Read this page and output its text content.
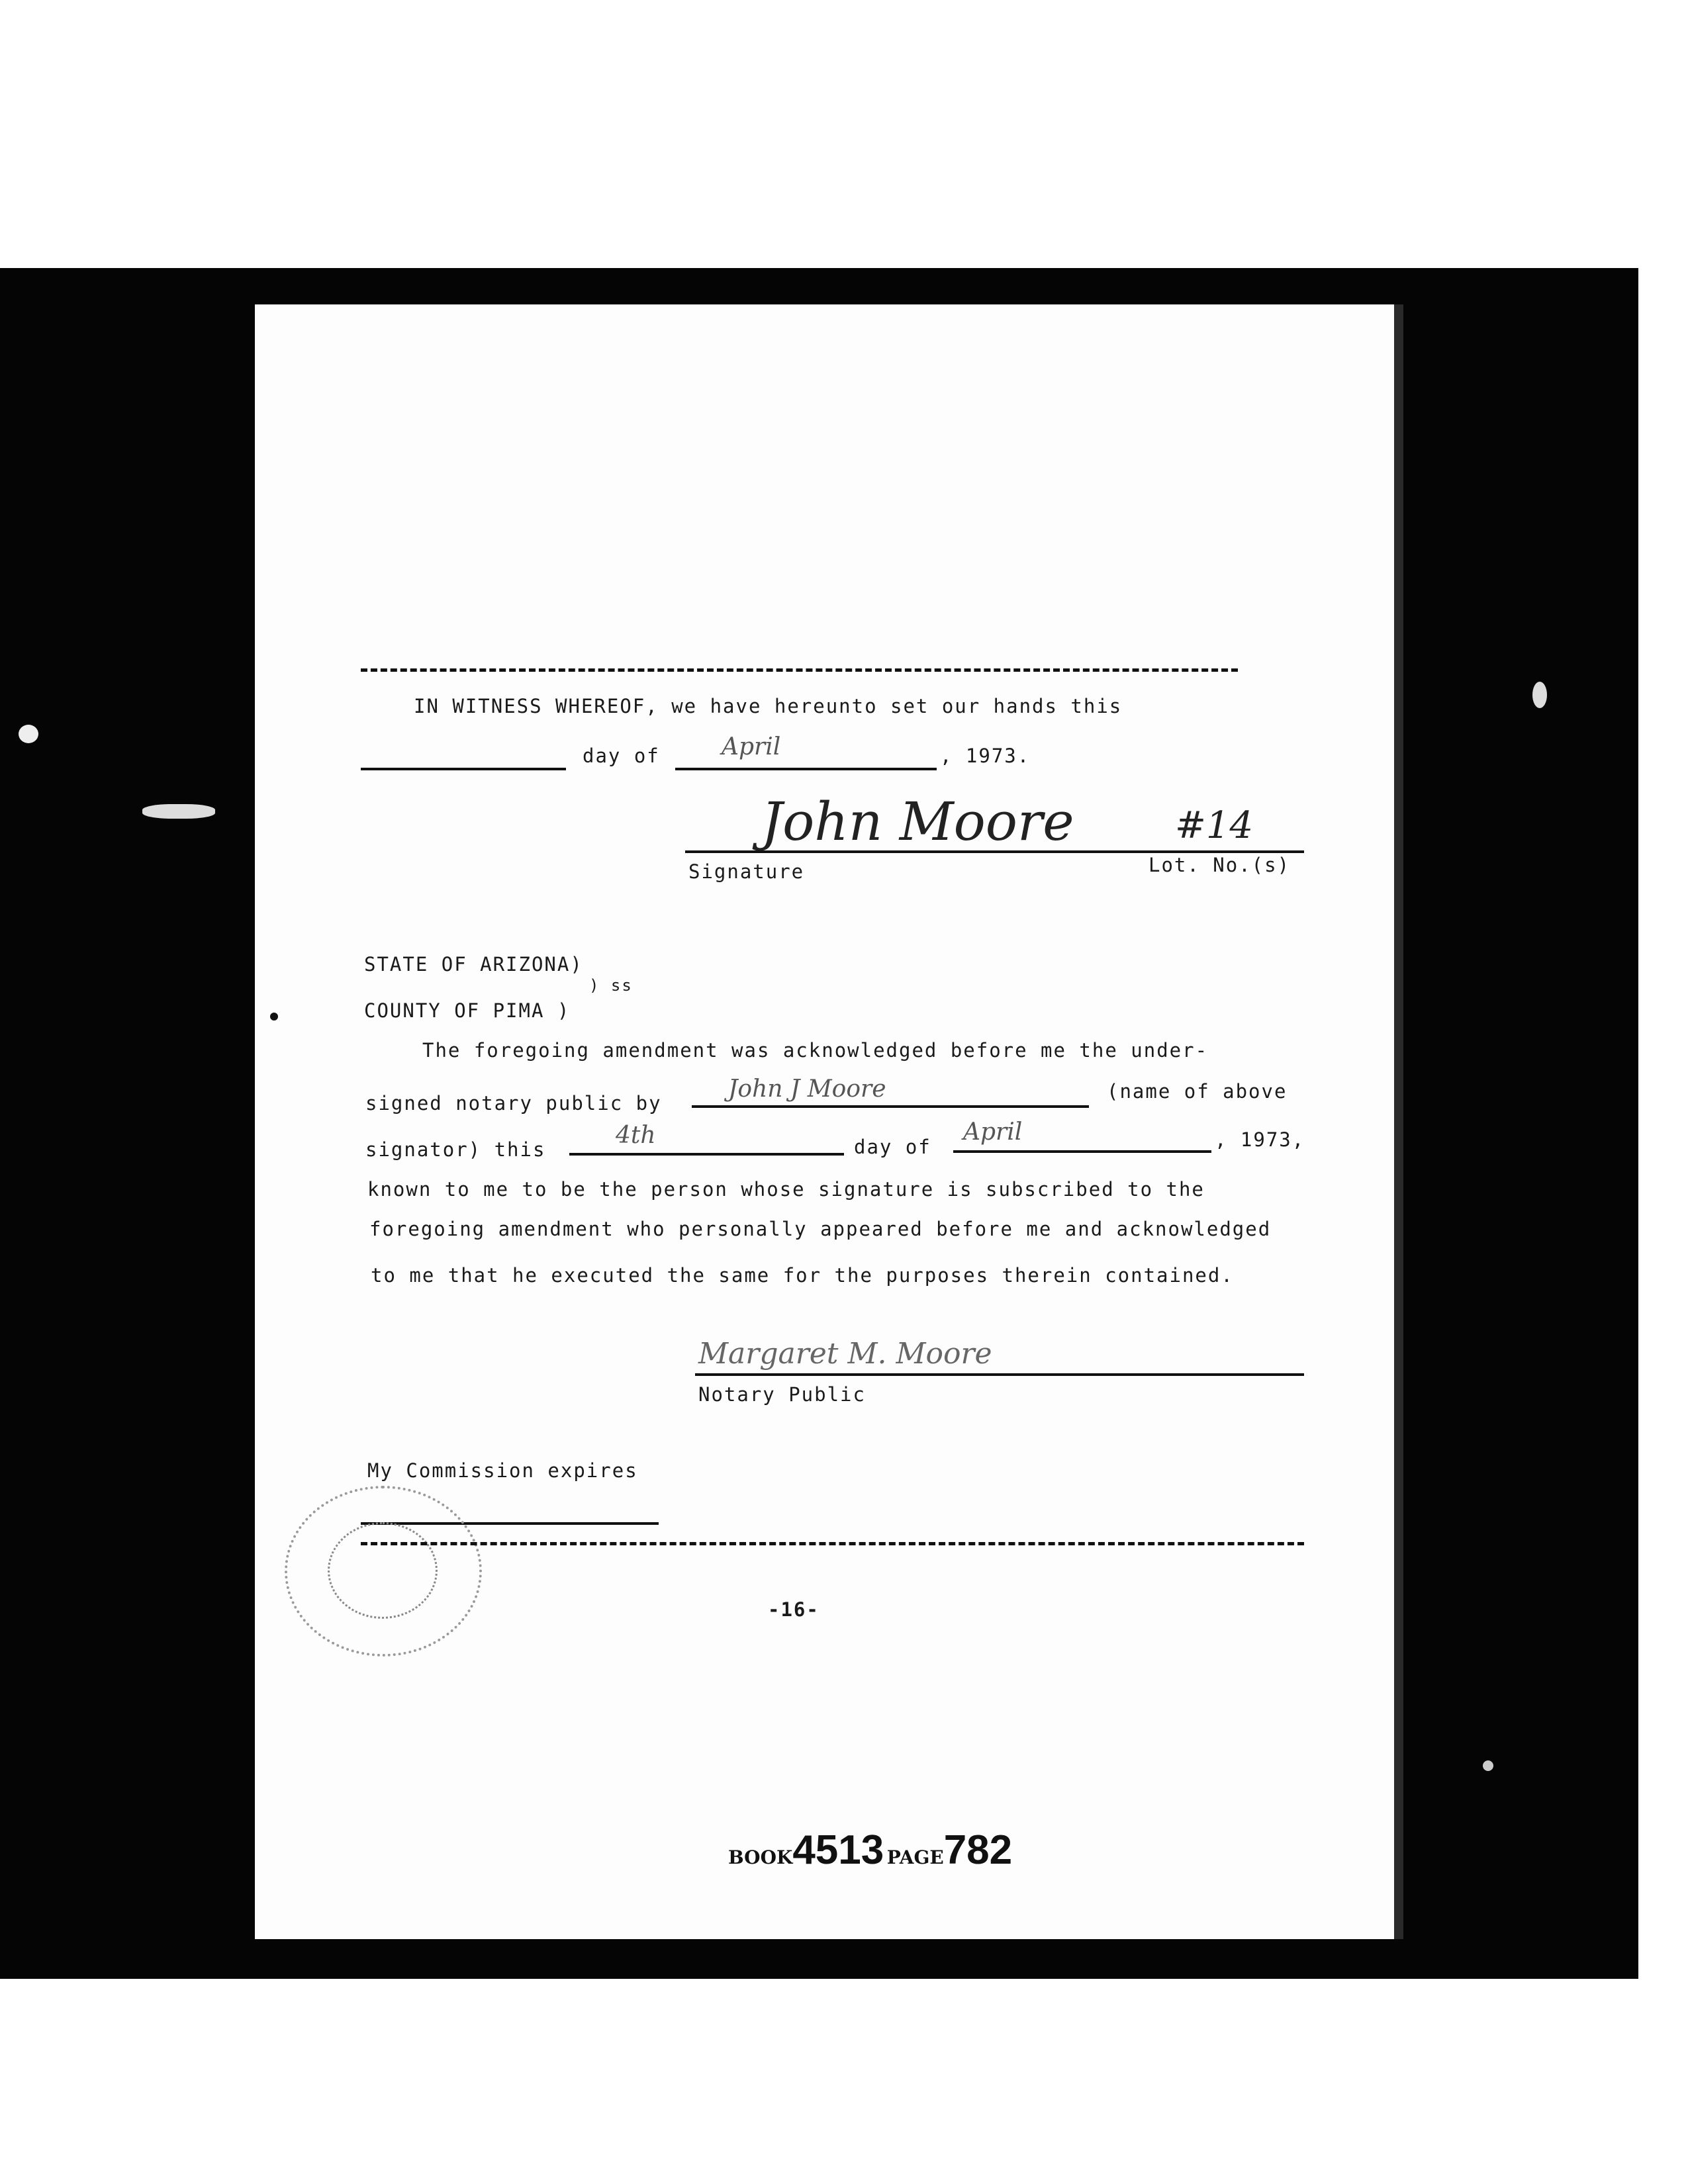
IN WITNESS WHEREOF, we have hereunto set our hands this
day of	April	, 1973.
John Moore	#14
Signature	Lot. No.(s)
STATE OF ARIZONA)
) ss
COUNTY OF PIMA )
The foregoing amendment was acknowledged before me the under-
signed notary public by
John J Moore	(name of above
signator) this
4th	day of
April	, 1973,
known to me to be the person whose signature is subscribed to the
foregoing amendment who personally appeared before me and acknowledged
to me that he executed the same for the purposes therein contained.
Margaret M. Moore
Notary Public
My Commission expires
-16-
BOOK4513 PAGE782
